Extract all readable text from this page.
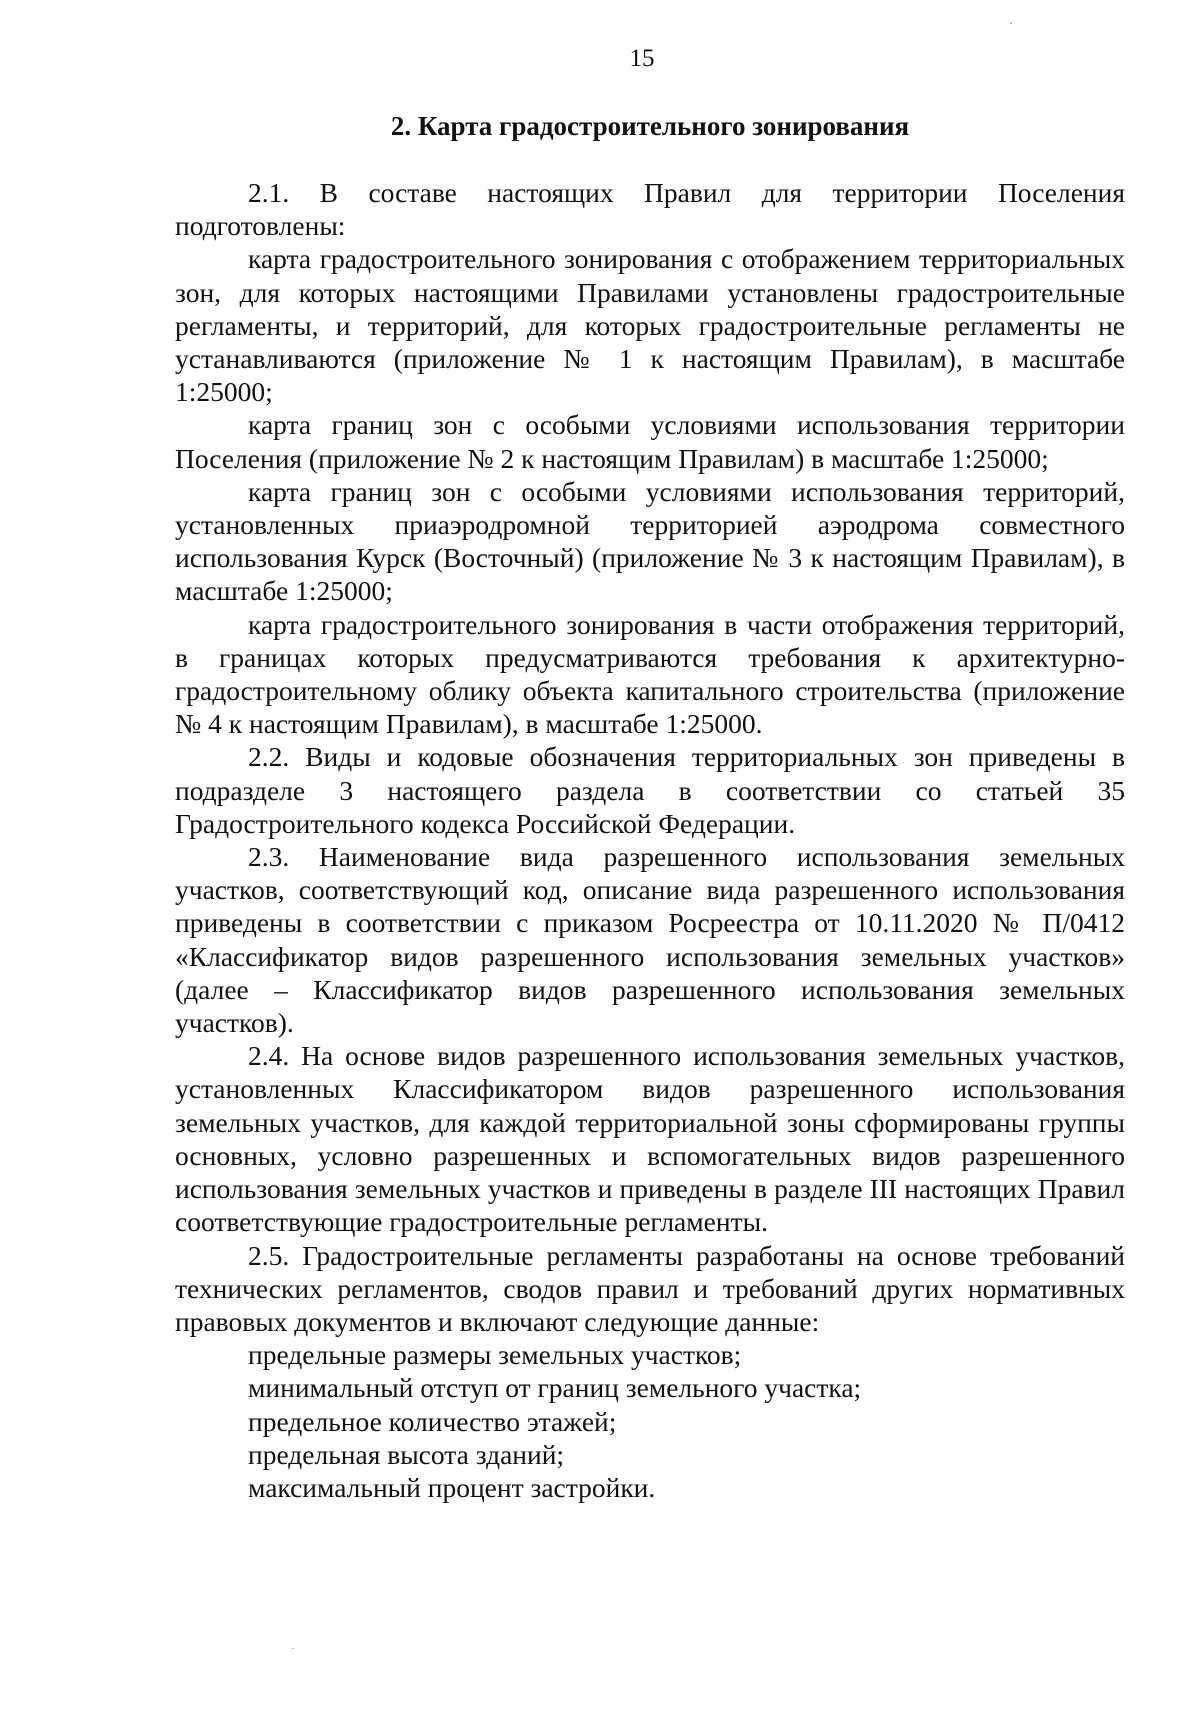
15
2. Карта градостроительного зонирования

2.1. В составе настоящих Правил для территории Поселения подготовлены:

карта градостроительного зонирования с отображением территориальных зон, для которых настоящими Правилами установлены градостроительные регламенты, и территорий, для которых градостроительные регламенты не устанавливаются (приложение № 1 к настоящим Правилам), в масштабе 1:25000;

карта границ зон с особыми условиями использования территории Поселения (приложение № 2 к настоящим Правилам) в масштабе 1:25000;

карта границ зон с особыми условиями использования территорий, установленных приаэродромной территорией аэродрома совместного использования Курск (Восточный) (приложение № 3 к настоящим Правилам), в масштабе 1:25000;

карта градостроительного зонирования в части отображения территорий, в границах которых предусматриваются требования к архитектурно-градостроительному облику объекта капитального строительства (приложение № 4 к настоящим Правилам), в масштабе 1:25000.

2.2. Виды и кодовые обозначения территориальных зон приведены в подразделе 3 настоящего раздела в соответствии со статьей 35 Градостроительного кодекса Российской Федерации.

2.3. Наименование вида разрешенного использования земельных участков, соответствующий код, описание вида разрешенного использования приведены в соответствии с приказом Росреестра от 10.11.2020 № П/0412 «Классификатор видов разрешенного использования земельных участков» (далее – Классификатор видов разрешенного использования земельных участков).

2.4. На основе видов разрешенного использования земельных участков, установленных Классификатором видов разрешенного использования земельных участков, для каждой территориальной зоны сформированы группы основных, условно разрешенных и вспомогательных видов разрешенного использования земельных участков и приведены в разделе III настоящих Правил соответствующие градостроительные регламенты.

2.5. Градостроительные регламенты разработаны на основе требований технических регламентов, сводов правил и требований других нормативных правовых документов и включают следующие данные:

предельные размеры земельных участков;

минимальный отступ от границ земельного участка;

предельное количество этажей;

предельная высота зданий;

максимальный процент застройки.
